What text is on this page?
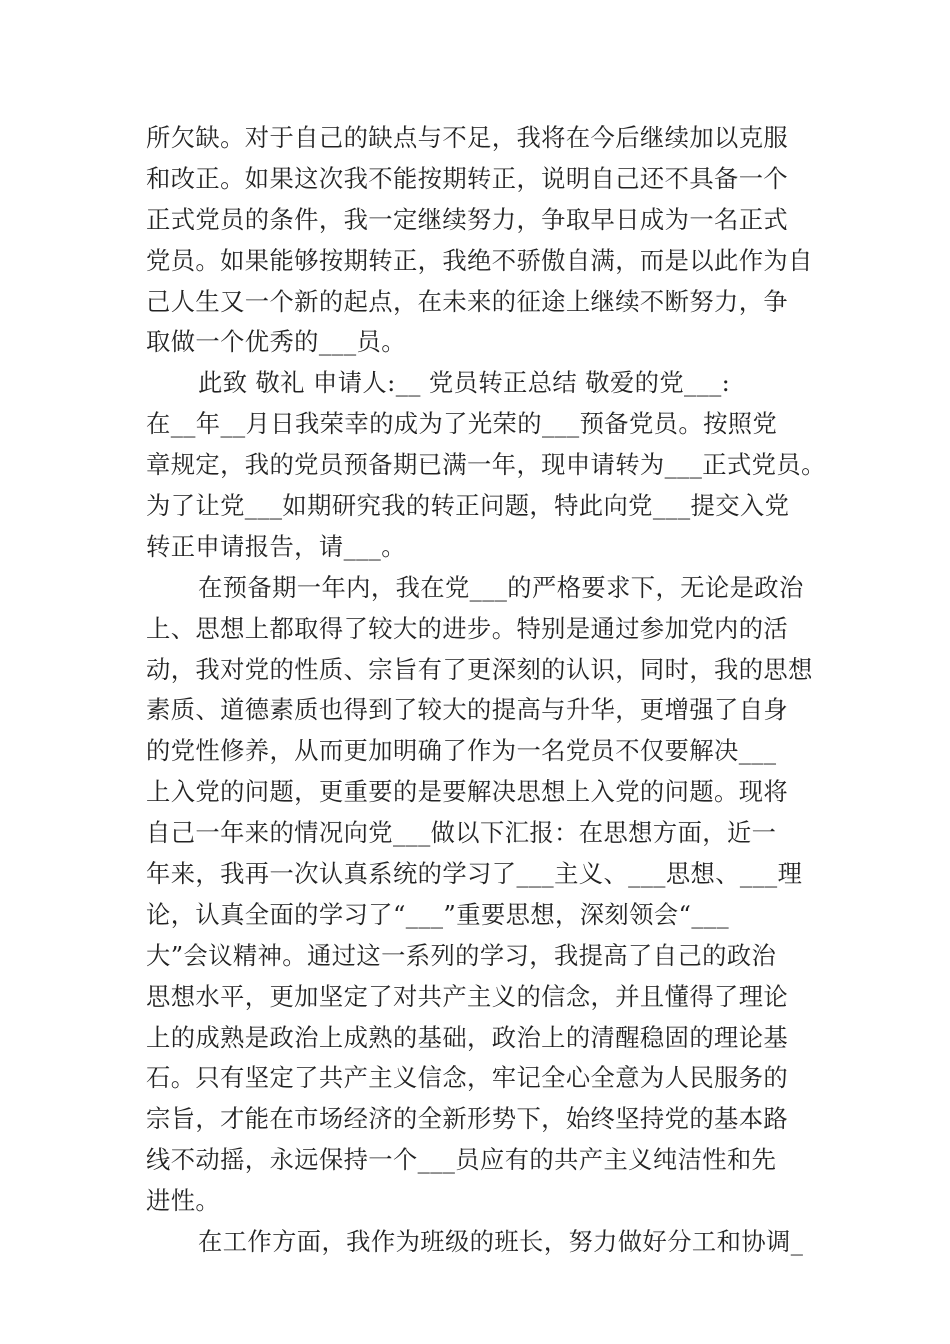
所欠缺。对于自己的缺点与不足，我将在今后继续加以克服
和改正。如果这次我不能按期转正，说明自己还不具备一个
正式党员的条件，我一定继续努力，争取早日成为一名正式
党员。如果能够按期转正，我绝不骄傲自满，而是以此作为自
己人生又一个新的起点，在未来的征途上继续不断努力，争
取做一个优秀的___员。
此致 敬礼 申请人:__ 党员转正总结 敬爱的党___:
在__年__月日我荣幸的成为了光荣的___预备党员。按照党
章规定，我的党员预备期已满一年，现申请转为___正式党员。
为了让党___如期研究我的转正问题，特此向党___提交入党
转正申请报告，请___。
在预备期一年内，我在党___的严格要求下，无论是政治
上、思想上都取得了较大的进步。特别是通过参加党内的活
动，我对党的性质、宗旨有了更深刻的认识，同时，我的思想
素质、道德素质也得到了较大的提高与升华，更增强了自身
的党性修养，从而更加明确了作为一名党员不仅要解决___
上入党的问题，更重要的是要解决思想上入党的问题。现将
自己一年来的情况向党___做以下汇报：在思想方面，近一
年来，我再一次认真系统的学习了___主义、___思想、___理
论，认真全面的学习了“___”重要思想，深刻领会“___
大”会议精神。通过这一系列的学习，我提高了自己的政治
思想水平，更加坚定了对共产主义的信念，并且懂得了理论
上的成熟是政治上成熟的基础，政治上的清醒稳固的理论基
石。只有坚定了共产主义信念，牢记全心全意为人民服务的
宗旨，才能在市场经济的全新形势下，始终坚持党的基本路
线不动摇，永远保持一个___员应有的共产主义纯洁性和先
进性。
在工作方面，我作为班级的班长，努力做好分工和协调_
